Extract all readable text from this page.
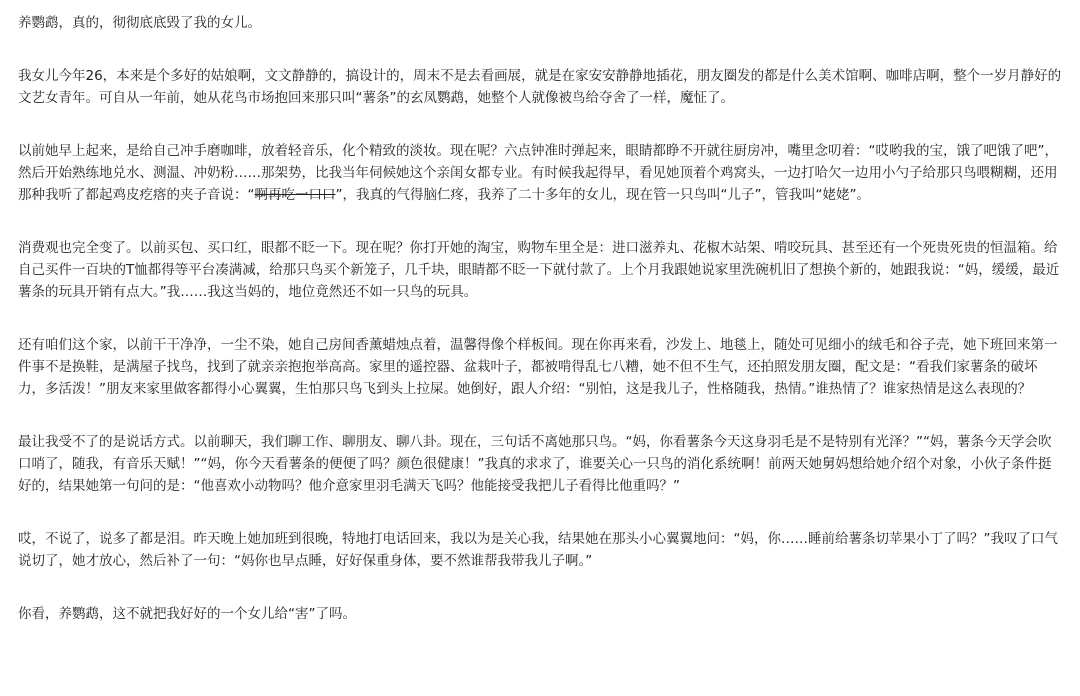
养鹦鹉，真的，彻彻底底毁了我的女儿。

我女儿今年26，本来是个多好的姑娘啊，文文静静的，搞设计的，周末不是去看画展，就是在家安安静静地插花，朋友圈发的都是什么美术馆啊、咖啡店啊，整个一岁月静好的文艺女青年。可自从一年前，她从花鸟市场抱回来那只叫“薯条”的玄凤鹦鹉，她整个人就像被鸟给夺舍了一样，魔怔了。

以前她早上起来，是给自己冲手磨咖啡，放着轻音乐，化个精致的淡妆。现在呢？六点钟准时弹起来，眼睛都睁不开就往厨房冲，嘴里念叨着：“哎哟我的宝，饿了吧饿了吧”，然后开始熟练地兑水、测温、冲奶粉……那架势，比我当年伺候她这个亲闺女都专业。有时候我起得早，看见她顶着个鸡窝头，一边打哈欠一边用小勺子给那只鸟喂糊糊，还用那种我听了都起鸡皮疙瘩的夹子音说：“啊再吃一口口”，我真的气得脑仁疼，我养了二十多年的女儿，现在管一只鸟叫“儿子”，管我叫“姥姥”。

消费观也完全变了。以前买包、买口红，眼都不眨一下。现在呢？你打开她的淘宝，购物车里全是：进口滋养丸、花椒木站架、啃咬玩具、甚至还有一个死贵死贵的恒温箱。给自己买件一百块的T恤都得等平台凑满减，给那只鸟买个新笼子，几千块，眼睛都不眨一下就付款了。上个月我跟她说家里洗碗机旧了想换个新的，她跟我说：“妈，缓缓，最近薯条的玩具开销有点大。”我……我这当妈的，地位竟然还不如一只鸟的玩具。

还有咱们这个家，以前干干净净，一尘不染，她自己房间香薰蜡烛点着，温馨得像个样板间。现在你再来看，沙发上、地毯上，随处可见细小的绒毛和谷子壳，她下班回来第一件事不是换鞋，是满屋子找鸟，找到了就亲亲抱抱举高高。家里的遥控器、盆栽叶子，都被啃得乱七八糟，她不但不生气，还拍照发朋友圈，配文是：“看我们家薯条的破坏力，多活泼！”朋友来家里做客都得小心翼翼，生怕那只鸟飞到头上拉屎。她倒好，跟人介绍：“别怕，这是我儿子，性格随我，热情。”谁热情了？谁家热情是这么表现的？

最让我受不了的是说话方式。以前聊天，我们聊工作、聊朋友、聊八卦。现在，三句话不离她那只鸟。“妈，你看薯条今天这身羽毛是不是特别有光泽？”“妈，薯条今天学会吹口哨了，随我，有音乐天赋！”“妈，你今天看薯条的便便了吗？颜色很健康！”我真的求求了，谁要关心一只鸟的消化系统啊！前两天她舅妈想给她介绍个对象，小伙子条件挺好的，结果她第一句问的是：“他喜欢小动物吗？他介意家里羽毛满天飞吗？他能接受我把儿子看得比他重吗？”

哎，不说了，说多了都是泪。昨天晚上她加班到很晚，特地打电话回来，我以为是关心我，结果她在那头小心翼翼地问：“妈，你……睡前给薯条切苹果小丁了吗？”我叹了口气说切了，她才放心，然后补了一句：“妈你也早点睡，好好保重身体，要不然谁帮我带我儿子啊。”

你看，养鹦鹉，这不就把我好好的一个女儿给“害”了吗。
